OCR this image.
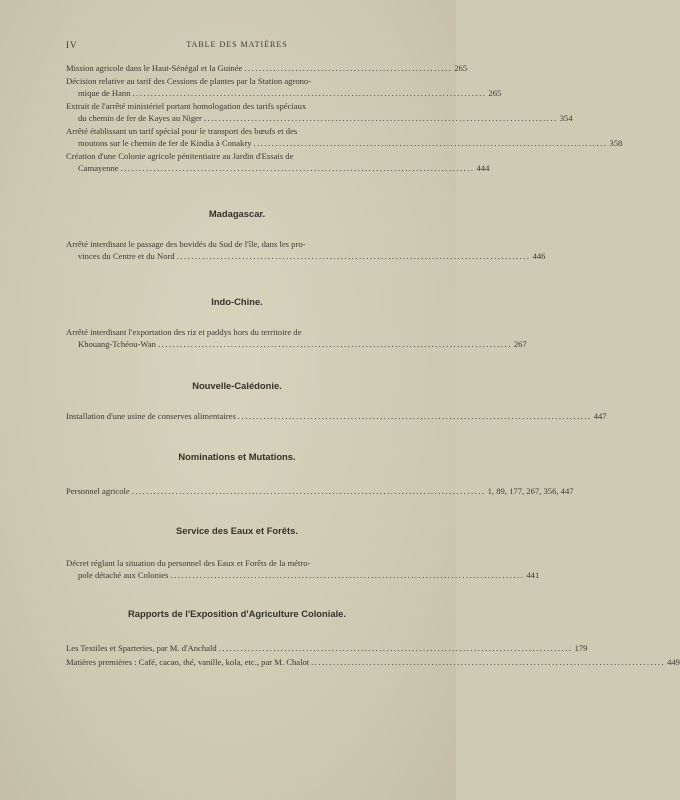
IV	TABLE DES MATIÈRES
Mission agricole dans le Haut-Sénégal et la Guinée ......................................................... 265
Décision relative au tarif des Cessions de plantes par la Station agrono-
mique de Hann ................................................................................................. 265
Extrait de l'arrêté ministériel portant homologation des tarifs spéciaux
du chemin de fer de Kayes au Niger ................................................................................................. 354
Arrêté établissant un tarif spécial pour le transport des bœufs et des
moutons sur le chemin de fer de Kindia à Conakry ................................................................................................. 358
Création d'une Colonie agricole pénitentiaire au Jardin d'Essais de
Camayenne ................................................................................................. 444
Madagascar.
Arrêté interdisant le passage des bovidés du Sud de l'île, dans les pro-
vinces du Centre et du Nord ................................................................................................. 446
Indo-Chine.
Arrêté interdisant l'exportation des riz et paddys hors du territoire de
Khouang-Tchéou-Wan ................................................................................................. 267
Nouvelle-Calédonie.
Installation d'une usine de conserves alimentaires ................................................................................................. 447
Nominations et Mutations.
Personnel agricole ................................................................................................. 1, 89, 177, 267, 356, 447
Service des Eaux et Forêts.
Décret réglant la situation du personnel des Eaux et Forêts de la métro-
pole détaché aux Colonies ................................................................................................. 441
Rapports de l'Exposition d'Agriculture Coloniale.
Les Textiles et Sparteries, par M. d'Anchald ................................................................................................. 179
Matières premières : Café, cacao, thé, vanille, kola, etc., par M. Chalot ................................................................................................. 449
